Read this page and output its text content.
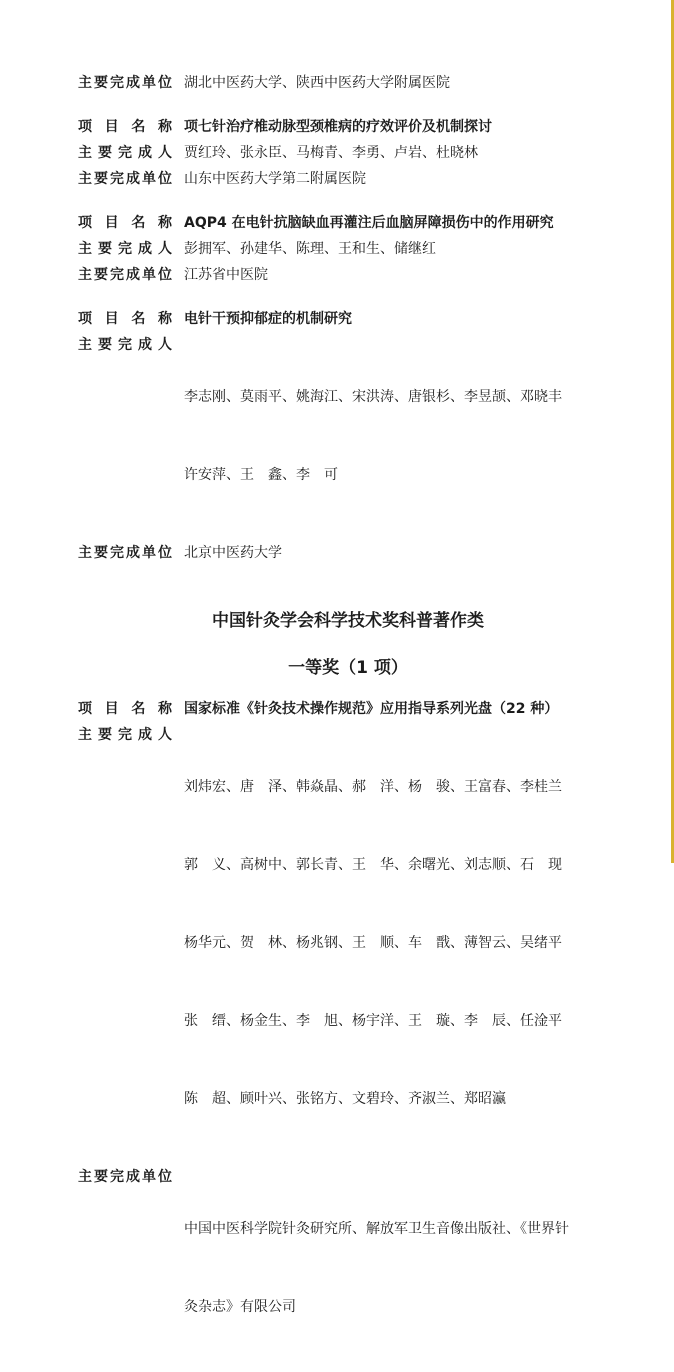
主要完成单位 湖北中医药大学、陕西中医药大学附属医院
项 目 名 称 项七针治疗椎动脉型颈椎病的疗效评价及机制探讨
主 要 完 成 人 贾红玲、张永臣、马梅青、李勇、卢岩、杜晓林
主要完成单位 山东中医药大学第二附属医院
项 目 名 称 AQP4 在电针抗脑缺血再灌注后血脑屏障损伤中的作用研究
主 要 完 成 人 彭拥军、孙建华、陈理、王和生、储继红
主要完成单位 江苏省中医院
项 目 名 称 电针干预抑郁症的机制研究
主 要 完 成 人

李志刚、莫雨平、姚海江、宋洪涛、唐银杉、李昱颉、邓晓丰

许安萍、王　鑫、李　可

主要完成单位 北京中医药大学
中国针灸学会科学技术奖科普著作类
一等奖（1 项）
项 目 名 称 国家标准《针灸技术操作规范》应用指导系列光盘（22 种）
主 要 完 成 人

刘炜宏、唐　泽、韩焱晶、郝　洋、杨　骏、王富春、李桂兰

郭　义、高树中、郭长青、王　华、余曙光、刘志顺、石　现

杨华元、贺　林、杨兆钢、王　顺、车　戬、薄智云、吴绪平

张　缙、杨金生、李　旭、杨宇洋、王　璇、李　辰、任淦平

陈　超、顾叶兴、张铭方、文碧玲、齐淑兰、郑昭瀛

主要完成单位

中国中医科学院针灸研究所、解放军卫生音像出版社、《世界针

灸杂志》有限公司
